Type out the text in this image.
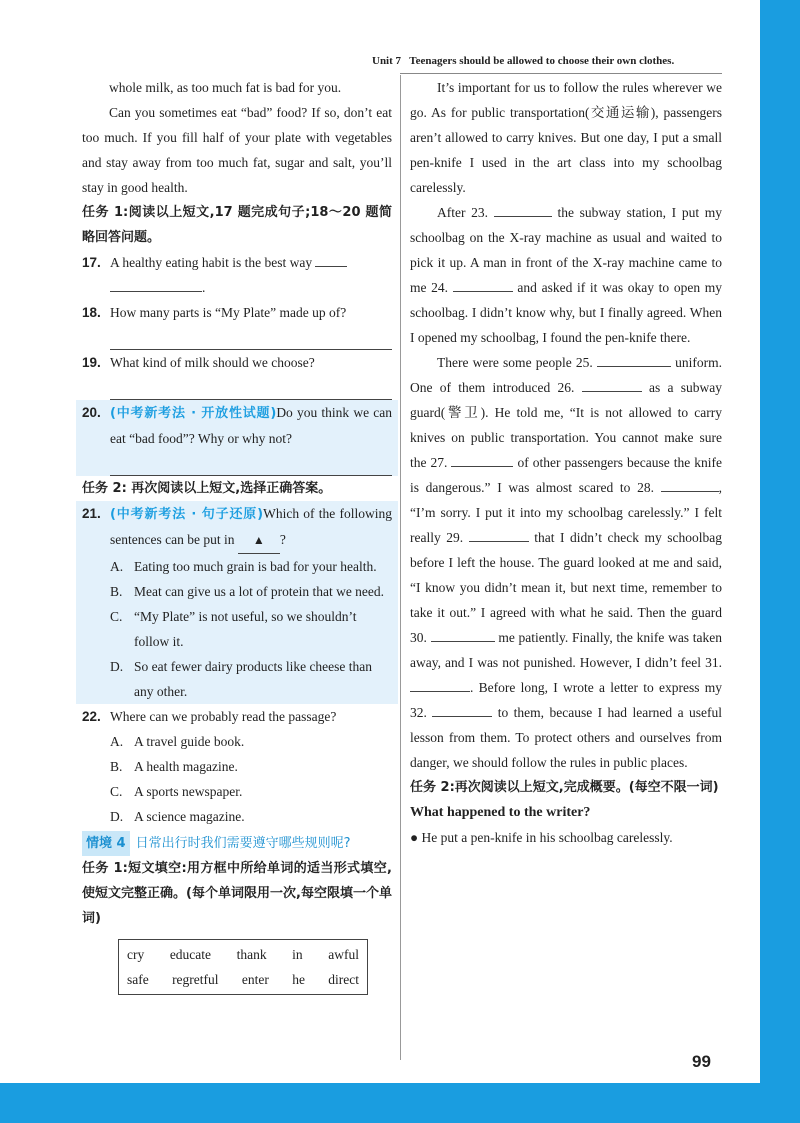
Unit 7 Teenagers should be allowed to choose their own clothes.

whole milk, as too much fat is bad for you.

Can you sometimes eat “bad” food? If so, don’t eat too much. If you fill half of your plate with vegetables and stay away from too much fat, sugar and salt, you’ll stay in good health.

任务 1:阅读以上短文,17 题完成句子;18～20 题简略回答问题。

17. A healthy eating habit is the best way
.
18. How many parts is “My Plate” made up of?
19. What kind of milk should we choose?
20. (中考新考法 · 开放性试题)Do you think we can eat “bad food”? Why or why not?

任务 2: 再次阅读以上短文,选择正确答案。

21. (中考新考法 · 句子还原)Which of the following sentences can be put in ▲ ?
A. Eating too much grain is bad for your health.
B. Meat can give us a lot of protein that we need.
C. “My Plate” is not useful, so we shouldn’t follow it.
D. So eat fewer dairy products like cheese than any other.
22. Where can we probably read the passage?
A. A travel guide book.
B. A health magazine.
C. A sports newspaper.
D. A science magazine.
情境 4 日常出行时我们需要遵守哪些规则呢?

任务 1:短文填空:用方框中所给单词的适当形式填空,使短文完整正确。(每个单词限用一次,每空限填一个单词)

cry educate thank in awful
safe regretful enter he direct

It’s important for us to follow the rules wherever we go. As for public transportation(交通运输), passengers aren’t allowed to carry knives. But one day, I put a small pen-knife I used in the art class into my schoolbag carelessly.

After 23.	the subway station, I put my schoolbag on the X-ray machine as usual and waited to pick it up. A man in front of the X-ray machine came to me 24.	and asked if it was okay to open my schoolbag. I didn’t know why, but I finally agreed. When I opened my schoolbag, I found the pen-knife there.

There were some people 25.	uniform. One of them introduced 26.	as a subway guard(警卫). He told me, “It is not allowed to carry knives on public transportation. You cannot make sure the 27.	of other passengers because the knife is dangerous.” I was almost scared to 28.	, “I’m sorry. I put it into my schoolbag carelessly.” I felt really 29.	that I didn’t check my schoolbag before I left the house. The guard looked at me and said, “I know you didn’t mean it, but next time, remember to take it out.” I agreed with what he said. Then the guard 30.	me patiently. Finally, the knife was taken away, and I was not punished. However, I didn’t feel 31. . Before long, I wrote a letter to express my 32.	to them, because I had learned a useful lesson from them. To protect others and ourselves from danger, we should follow the rules in public places.

任务 2:再次阅读以上短文,完成概要。(每空不限一词)

What happened to the writer?

● He put a pen-knife in his schoolbag carelessly.

99
